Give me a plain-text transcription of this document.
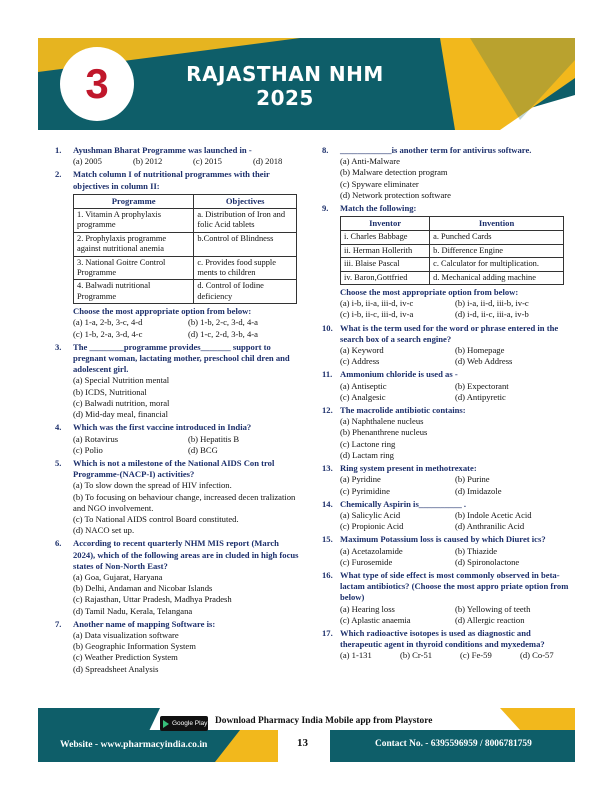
3	RAJASTHAN NHM
2025
1.	Ayushman Bharat Programme was launched in -
(a) 2005	(b) 2012	(c) 2015	(d) 2018
2.	Match column I of nutritional programmes with their objectives in column II:
Programme	Objectives
1. Vitamin A prophylaxis programme	a. Distribution of Iron and folic Acid tablets
2. Prophylaxis programme against nutritional anemia	b.Control of Blindness
3. National Goitre Control Programme	c. Provides food supple ments to children
4. Balwadi nutritional Programme	d. Control of Iodine deficiency
Choose the most appropriate option from below:
(a) 1-a, 2-b, 3-c, 4-d	(b) 1-b, 2-c, 3-d, 4-a
(c) 1-b, 2-a, 3-d, 4-c	(d) 1-c, 2-d, 3-b, 4-a
3.	The ________programme provides_______ support to pregnant woman, lactating mother, preschool chil dren and adolescent girl.
(a) Special Nutrition mental
(b) ICDS, Nutritional
(c) Balwadi nutrition, moral
(d) Mid-day meal, financial
4.	Which was the first vaccine introduced in India?
(a) Rotavirus	(b) Hepatitis B
(c) Polio	(d) BCG
5.	Which is not a milestone of the National AIDS Con trol Programme-(NACP-I) activities?
(a) To slow down the spread of HIV infection.
(b) To focusing on behaviour change, increased decen tralization and NGO involvement.
(c) To National AIDS control Board constituted.
(d) NACO set up.
6.	According to recent quarterly NHM MIS report (March 2024), which of the following areas are in cluded in high focus states of Non-North East?
(a) Goa, Gujarat, Haryana
(b) Delhi, Andaman and Nicobar Islands
(c) Rajasthan, Uttar Pradesh, Madhya Pradesh
(d) Tamil Nadu, Kerala, Telangana
7.	Another name of mapping Software is:
(a) Data visualization software
(b) Geographic Information System
(c) Weather Prediction System
(d) Spreadsheet Analysis
8.	____________is another term for antivirus software.
(a) Anti-Malware
(b) Malware detection program
(c) Spyware eliminater
(d) Network protection software
9.	Match the following:
Inventor	Invention
i. Charles Babbage	a. Punched Cards
ii. Herman Hollerith	b. Difference Engine
iii. Blaise Pascal	c. Calculator for multiplication.
iv. Baron,Gottfried	d. Mechanical adding machine
Choose the most appropriate option from below:
(a) i-b, ii-a, iii-d, iv-c	(b) i-a, ii-d, iii-b, iv-c
(c) i-b, ii-c, iii-d, iv-a	(d) i-d, ii-c, iii-a, iv-b
10. What is the term used for the word or phrase entered in the search box of a search engine?
(a) Keyword	(b) Homepage
(c) Address	(d) Web Address
11. Ammonium chloride is used as -
(a) Antiseptic	(b) Expectorant
(c) Analgesic	(d) Antipyretic
12. The macrolide antibiotic contains:
(a) Naphthalene nucleus
(b) Phenanthrene nucleus
(c) Lactone ring
(d) Lactam ring
13. Ring system present in methotrexate:
(a) Pyridine	(b) Purine
(c) Pyrimidine	(d) Imidazole
14. Chemically Aspirin is__________ .
(a) Salicylic Acid	(b) Indole Acetic Acid
(c) Propionic Acid	(d) Anthranilic Acid
15. Maximum Potassium loss is caused by which Diuret ics?
(a) Acetazolamide	(b) Thiazide
(c) Furosemide	(d) Spironolactone
16. What type of side effect is most commonly observed in beta-lactam antibiotics? (Choose the most appro priate option from below)
(a) Hearing loss	(b) Yellowing of teeth
(c) Aplastic anaemia	(d) Allergic reaction
17. Which radioactive isotopes is used as diagnostic and therapeutic agent in thyroid conditions and myxedema?
(a) 1-131	(b) Cr-51	(c) Fe-59	(d) Co-57
Google Play Download Pharmacy India Mobile app from Playstore
Website - www.pharmacyindia.co.in	13	Contact No. - 6395596959 / 8006781759
